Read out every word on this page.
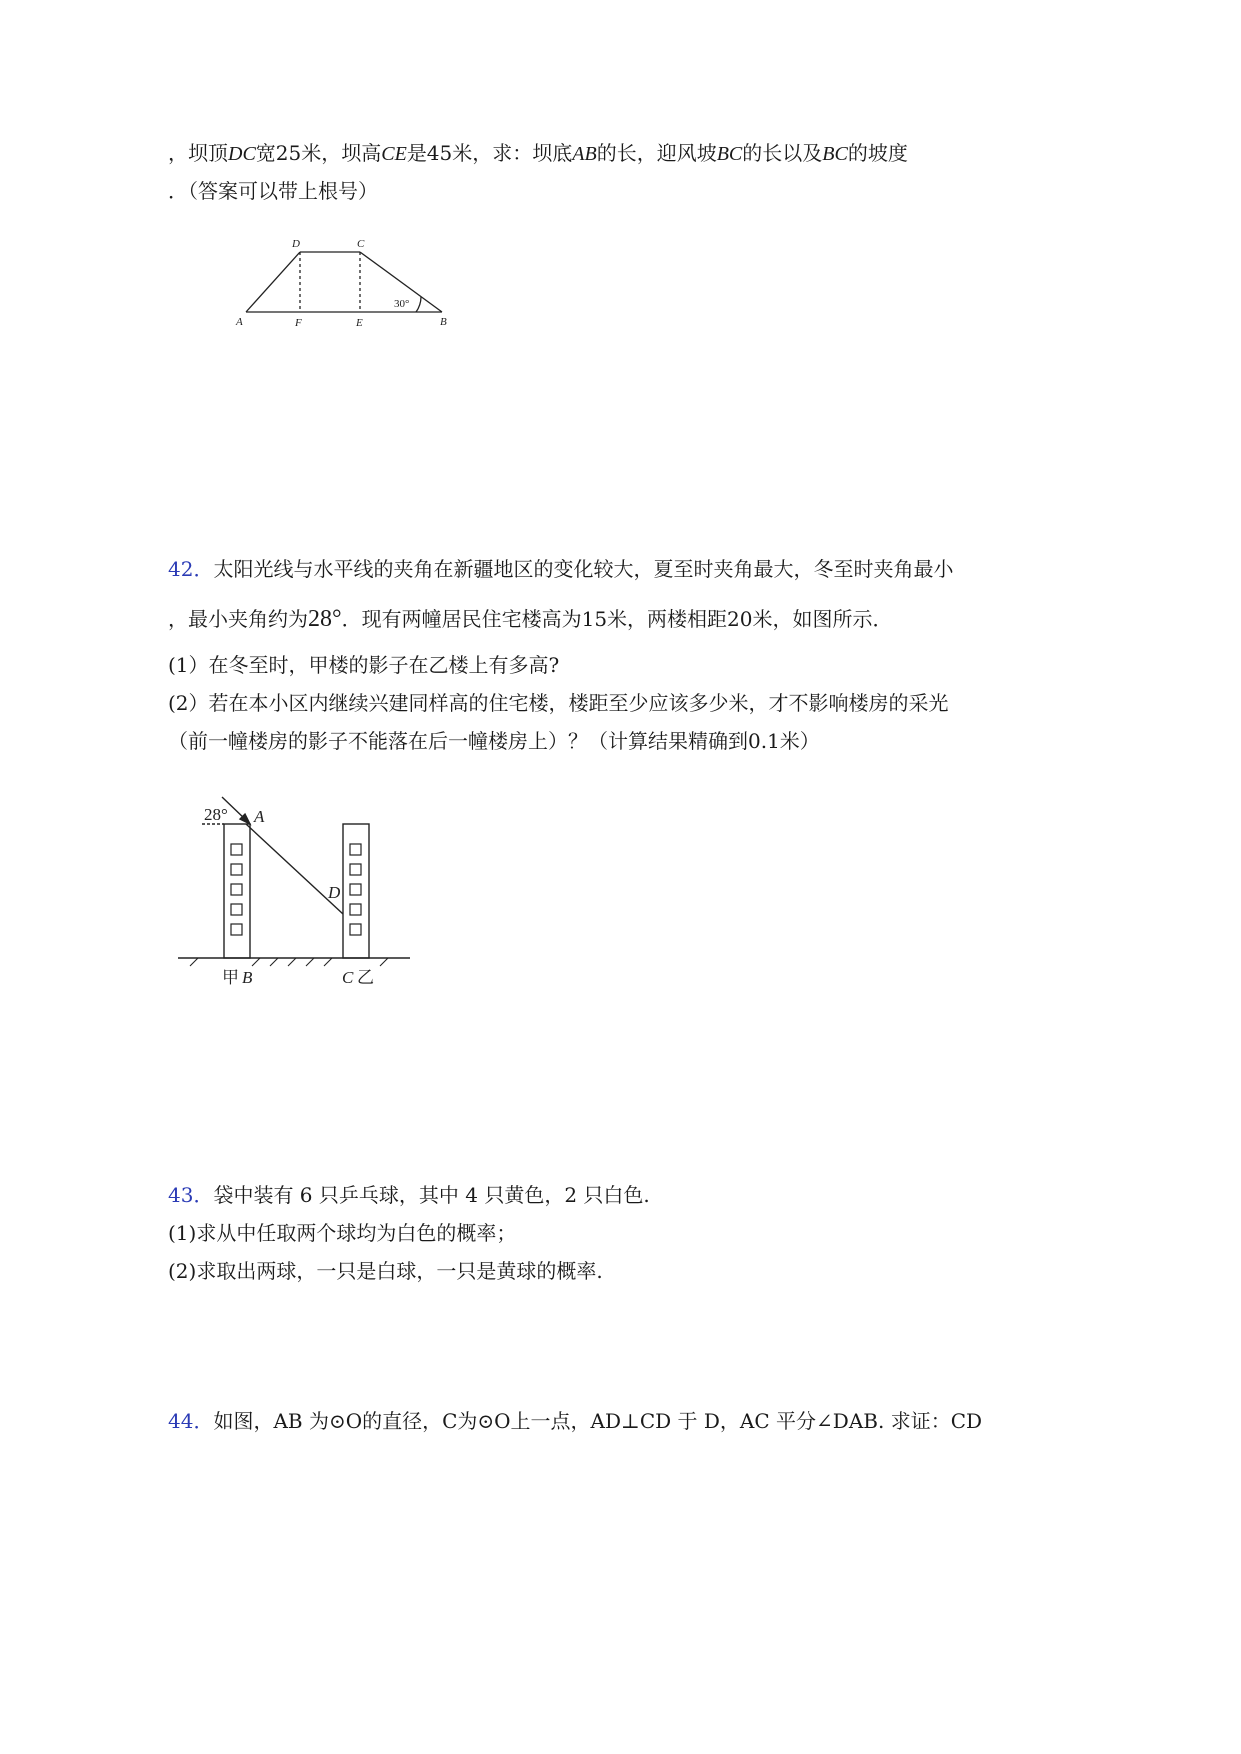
，坝顶DC宽25米，坝高CE是45米，求：坝底AB的长，迎风坡BC的长以及BC的坡度
．（答案可以带上根号）
D	C
A	F	E	B
30°
42．太阳光线与水平线的夹角在新疆地区的变化较大，夏至时夹角最大，冬至时夹角最小
，最小夹角约为28°．现有两幢居民住宅楼高为15米，两楼相距20米，如图所示．
(1）在冬至时，甲楼的影子在乙楼上有多高?
(2）若在本小区内继续兴建同样高的住宅楼，楼距至少应该多少米，才不影响楼房的采光
（前一幢楼房的影子不能落在后一幢楼房上）？（计算结果精确到0.1米）
28° A
D
B	C
甲	乙
43．袋中装有 6 只乒乓球，其中 4 只黄色，2 只白色.
(1)求从中任取两个球均为白色的概率；
(2)求取出两球，一只是白球，一只是黄球的概率.
44．如图，AB 为⊙O的直径，C为⊙O上一点，AD⊥CD 于 D，AC 平分∠DAB. 求证：CD
